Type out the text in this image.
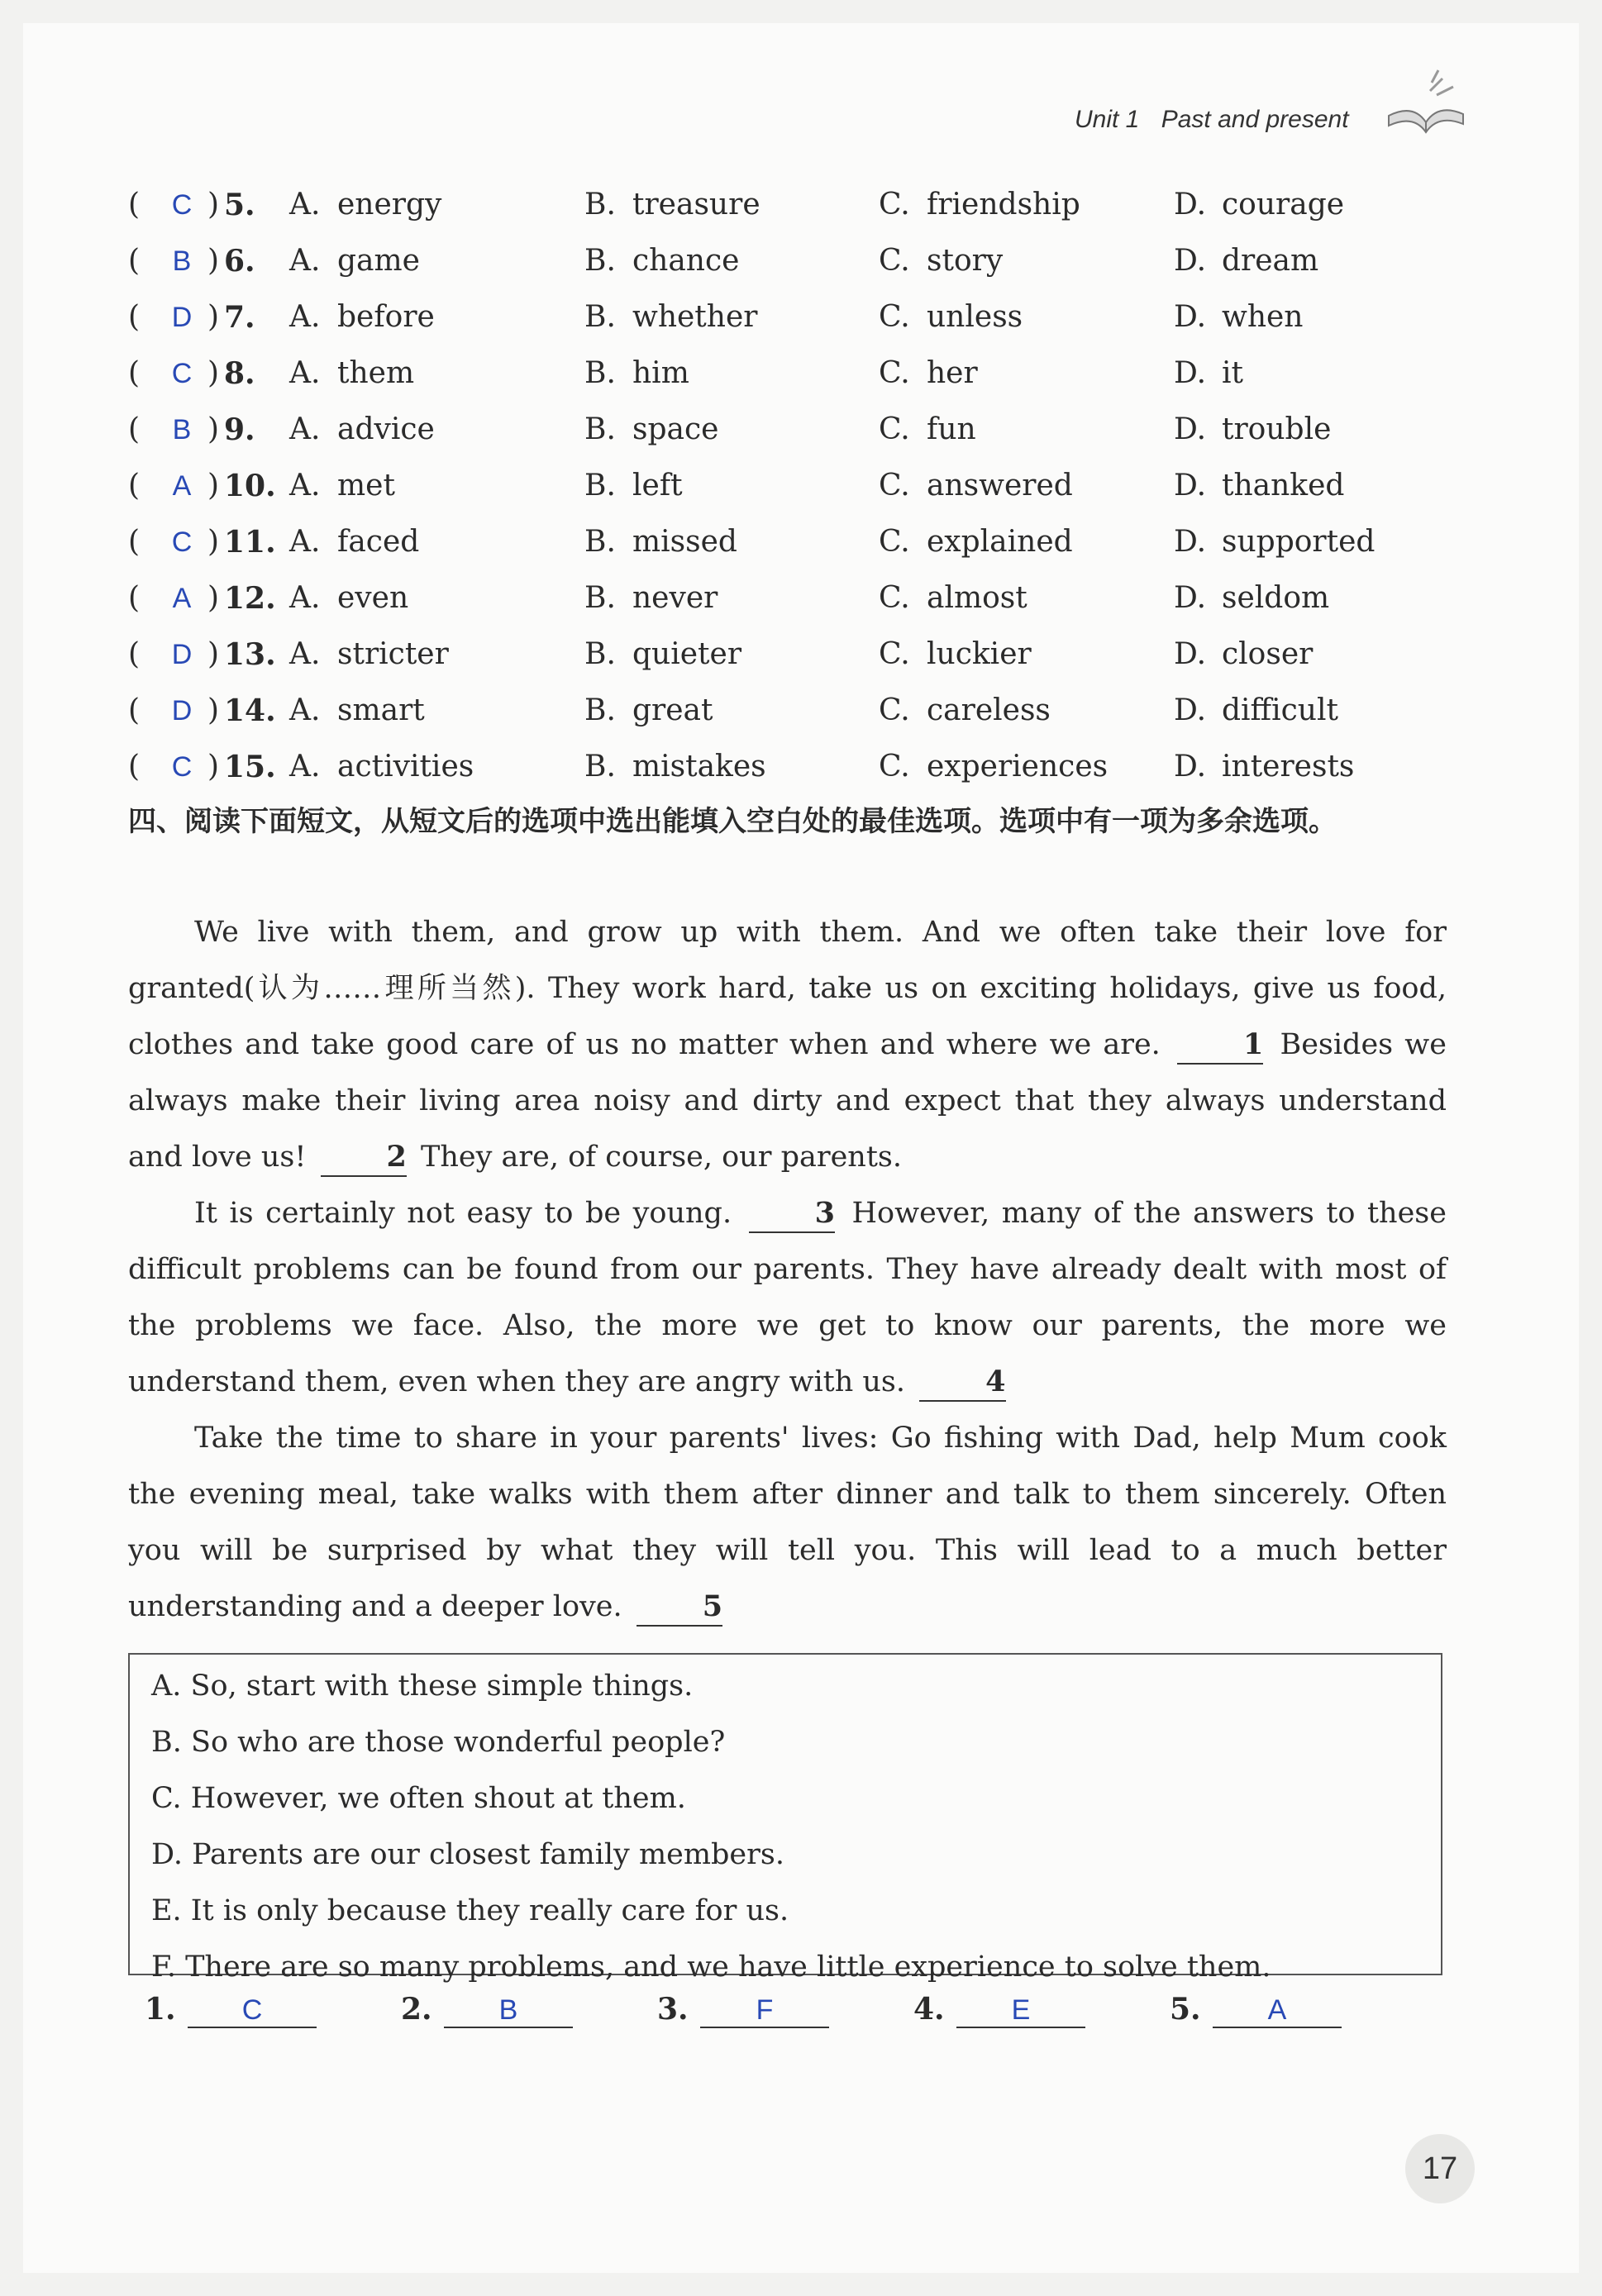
Unit 1 Past and present
( C ) 5. A. energy	B. treasure	C. friendship	D. courage
( B ) 6. A. game	B. chance	C. story	D. dream
( D ) 7. A. before	B. whether	C. unless	D. when
( C ) 8. A. them	B. him	C. her	D. it
( B ) 9. A. advice	B. space	C. fun	D. trouble
( A ) 10. A. met	B. left	C. answered	D. thanked
( C ) 11. A. faced	B. missed	C. explained	D. supported
( A ) 12. A. even	B. never	C. almost	D. seldom
( D ) 13. A. stricter	B. quieter	C. luckier	D. closer
( D ) 14. A. smart	B. great	C. careless	D. difficult
( C ) 15. A. activities	B. mistakes	C. experiences D. interests
四、阅读下面短文，从短文后的选项中选出能填入空白处的最佳选项。选项中有一项为多余选项。
We live with them, and grow up with them. And we often take their love for granted(认为……理所当然). They work hard, take us on exciting holidays, give us food, clothes and take good care of us no matter when and where we are.	1 Besides we always make their living area noisy and dirty and expect that they always understand and love us!	2 They are, of course, our parents.
It is certainly not easy to be young.	3 However, many of the answers to these difficult problems can be found from our parents. They have already dealt with most of the problems we face. Also, the more we get to know our parents, the more we understand them, even when they are angry with us.	4
Take the time to share in your parents' lives: Go fishing with Dad, help Mum cook the evening meal, take walks with them after dinner and talk to them sincerely. Often you will be surprised by what they will tell you. This will lead to a much better understanding and a deeper love.	5
A. So, start with these simple things.
B. So who are those wonderful people?
C. However, we often shout at them.
D. Parents are our closest family members.
E. It is only because they really care for us.
F. There are so many problems, and we have little experience to solve them.
1. C	2. B	3. F	4. E	5. A
17
